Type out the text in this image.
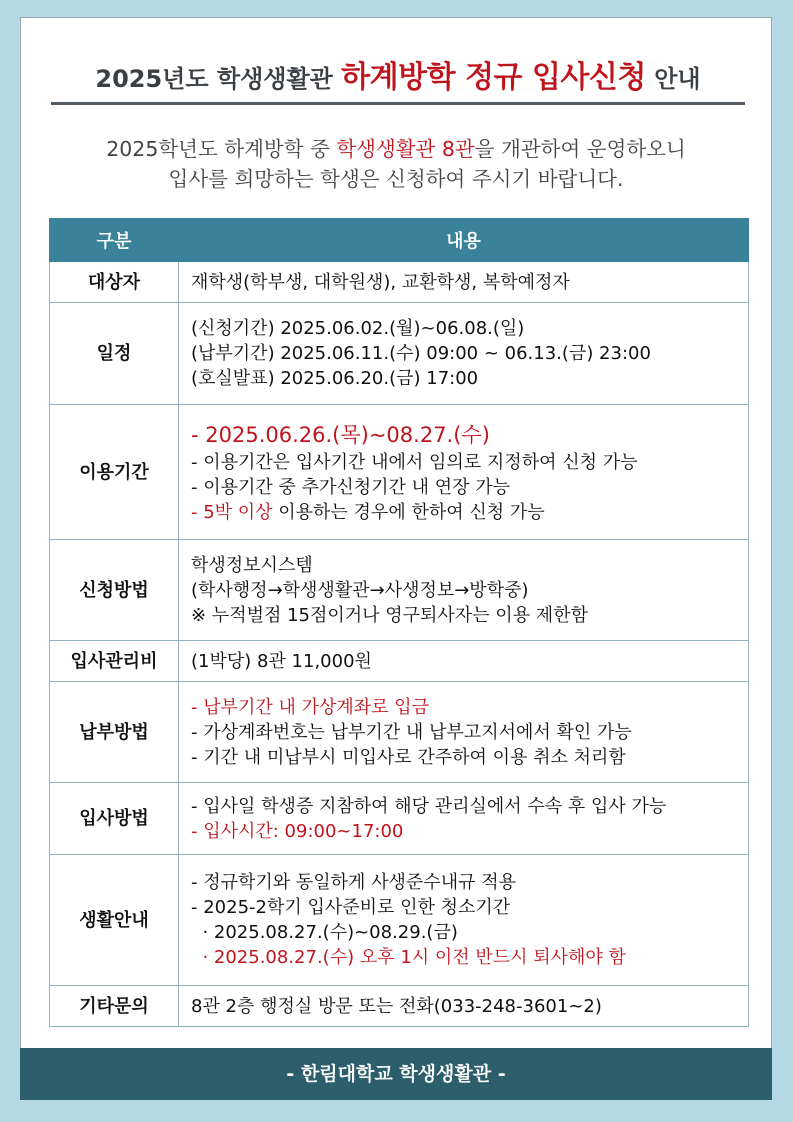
2025년도 학생생활관 하계방학 정규 입사신청 안내
2025학년도 하계방학 중 학생생활관 8관을 개관하여 운영하오니
입사를 희망하는 학생은 신청하여 주시기 바랍니다.
구분	내용
대상자	재학생(학부생, 대학원생), 교환학생, 복학예정자

일정	(신청기간) 2025.06.02.(월)~06.08.(일)
(납부기간) 2025.06.11.(수) 09:00 ~ 06.13.(금) 23:00
(호실발표) 2025.06.20.(금) 17:00

이용기간	- 2025.06.26.(목)~08.27.(수)
- 이용기간은 입사기간 내에서 임의로 지정하여 신청 가능
- 이용기간 중 추가신청기간 내 연장 가능
- 5박 이상 이용하는 경우에 한하여 신청 가능

신청방법	학생정보시스템
(학사행정→학생생활관→사생정보→방학중)
※ 누적벌점 15점이거나 영구퇴사자는 이용 제한함

입사관리비	(1박당) 8관 11,000원

납부방법	- 납부기간 내 가상계좌로 입금
- 가상계좌번호는 납부기간 내 납부고지서에서 확인 가능
- 기간 내 미납부시 미입사로 간주하여 이용 취소 처리함

입사방법	- 입사일 학생증 지참하여 해당 관리실에서 수속 후 입사 가능
- 입사시간: 09:00~17:00

생활안내	- 정규학기와 동일하게 사생준수내규 적용
- 2025-2학기 입사준비로 인한 청소기간
· 2025.08.27.(수)~08.29.(금)
· 2025.08.27.(수) 오후 1시 이전 반드시 퇴사해야 함

기타문의	8관 2층 행정실 방문 또는 전화(033-248-3601~2)
- 한림대학교 학생생활관 -
